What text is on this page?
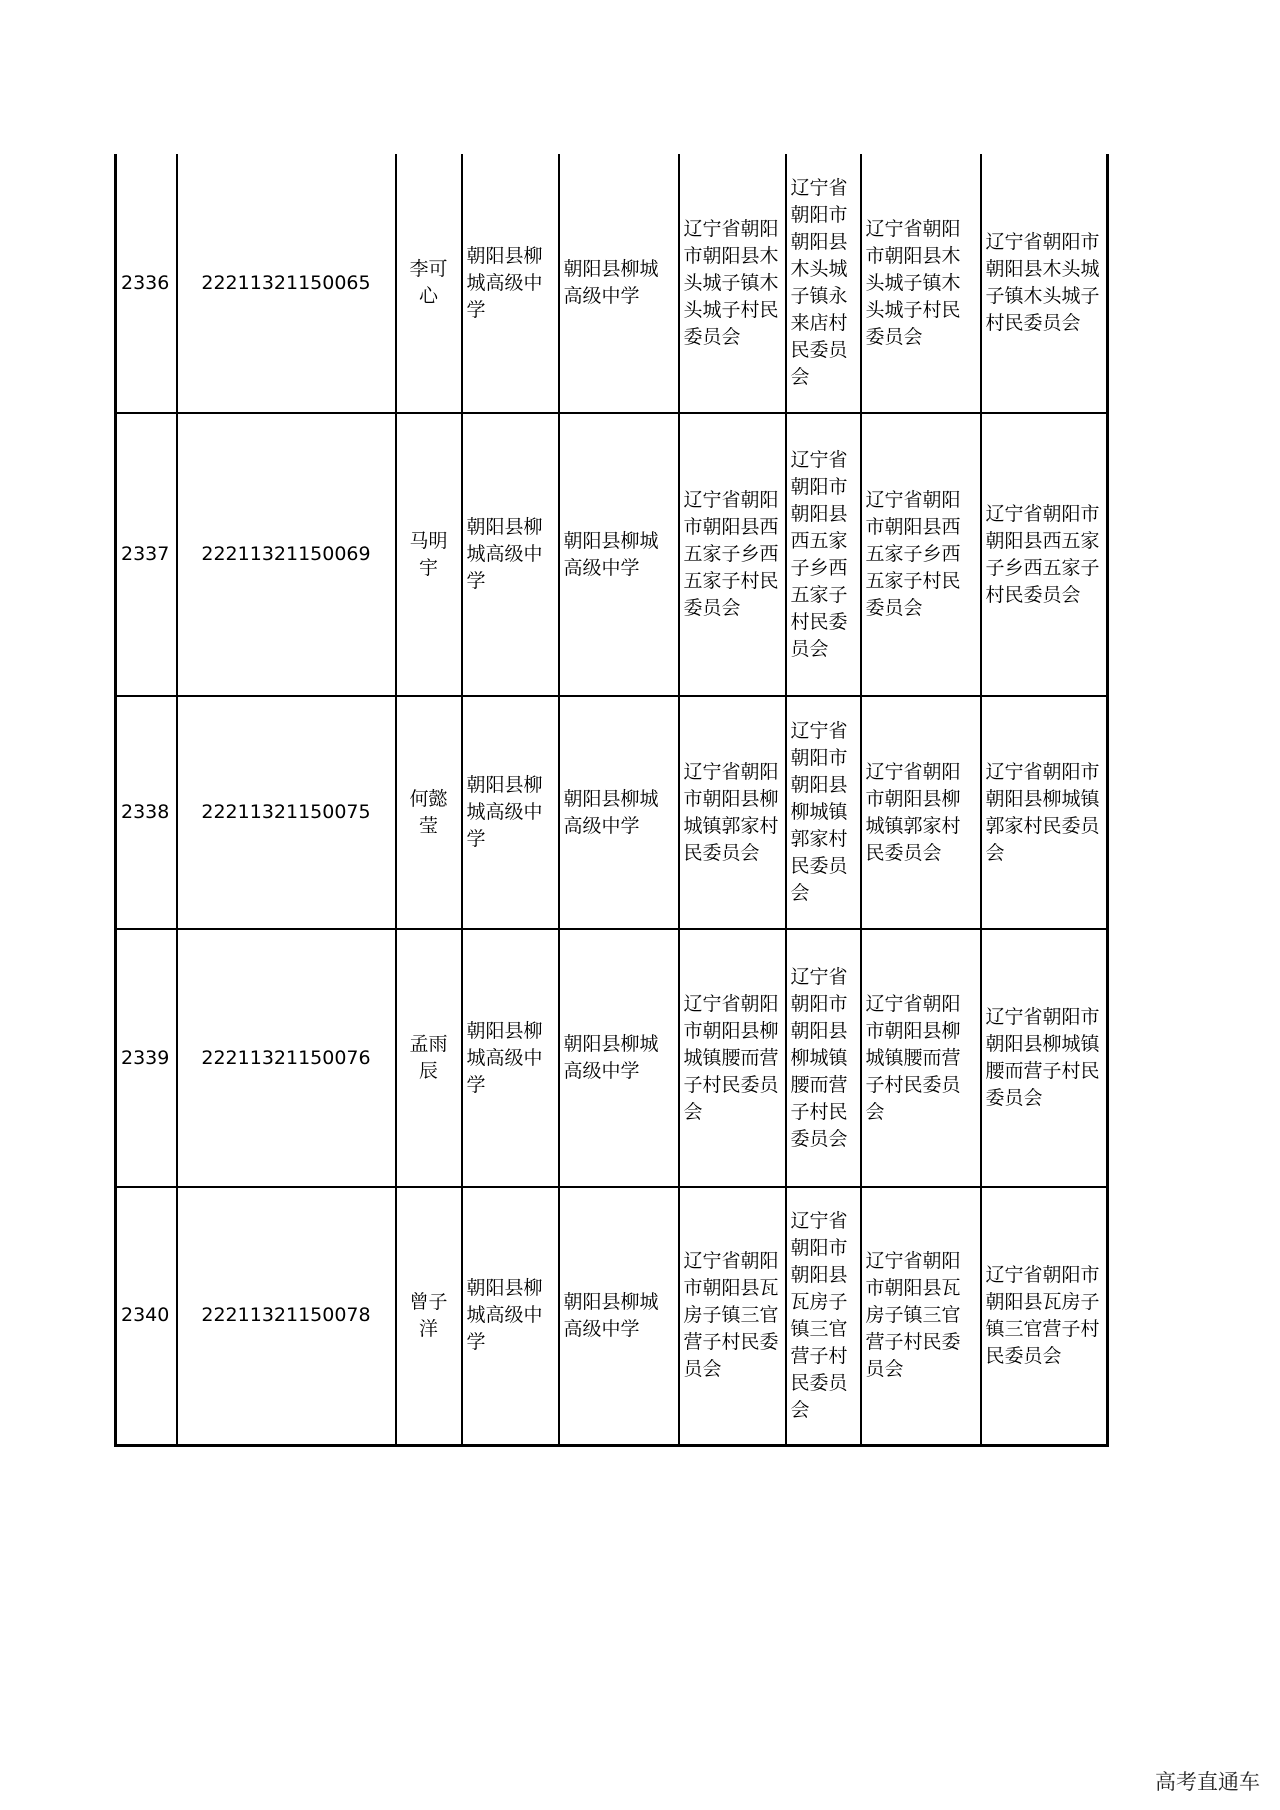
2336	22211321150065	李可心	朝阳县柳城高级中学	朝阳县柳城高级中学	辽宁省朝阳市朝阳县木头城子镇木头城子村民委员会	辽宁省朝阳市朝阳县木头城子镇永来店村民委员会	辽宁省朝阳市朝阳县木头城子镇木头城子村民委员会	辽宁省朝阳市朝阳县木头城子镇木头城子村民委员会
2337	22211321150069	马明宇	朝阳县柳城高级中学	朝阳县柳城高级中学	辽宁省朝阳市朝阳县西五家子乡西五家子村民委员会	辽宁省朝阳市朝阳县西五家子乡西五家子村民委员会	辽宁省朝阳市朝阳县西五家子乡西五家子村民委员会	辽宁省朝阳市朝阳县西五家子乡西五家子村民委员会
2338	22211321150075	何懿莹	朝阳县柳城高级中学	朝阳县柳城高级中学	辽宁省朝阳市朝阳县柳城镇郭家村民委员会	辽宁省朝阳市朝阳县柳城镇郭家村民委员会	辽宁省朝阳市朝阳县柳城镇郭家村民委员会	辽宁省朝阳市朝阳县柳城镇郭家村民委员会
2339	22211321150076	孟雨辰	朝阳县柳城高级中学	朝阳县柳城高级中学	辽宁省朝阳市朝阳县柳城镇腰而营子村民委员会	辽宁省朝阳市朝阳县柳城镇腰而营子村民委员会	辽宁省朝阳市朝阳县柳城镇腰而营子村民委员会	辽宁省朝阳市朝阳县柳城镇腰而营子村民委员会
2340	22211321150078	曾子洋	朝阳县柳城高级中学	朝阳县柳城高级中学	辽宁省朝阳市朝阳县瓦房子镇三官营子村民委员会	辽宁省朝阳市朝阳县瓦房子镇三官营子村民委员会	辽宁省朝阳市朝阳县瓦房子镇三官营子村民委员会	辽宁省朝阳市朝阳县瓦房子镇三官营子村民委员会
高考直通车
